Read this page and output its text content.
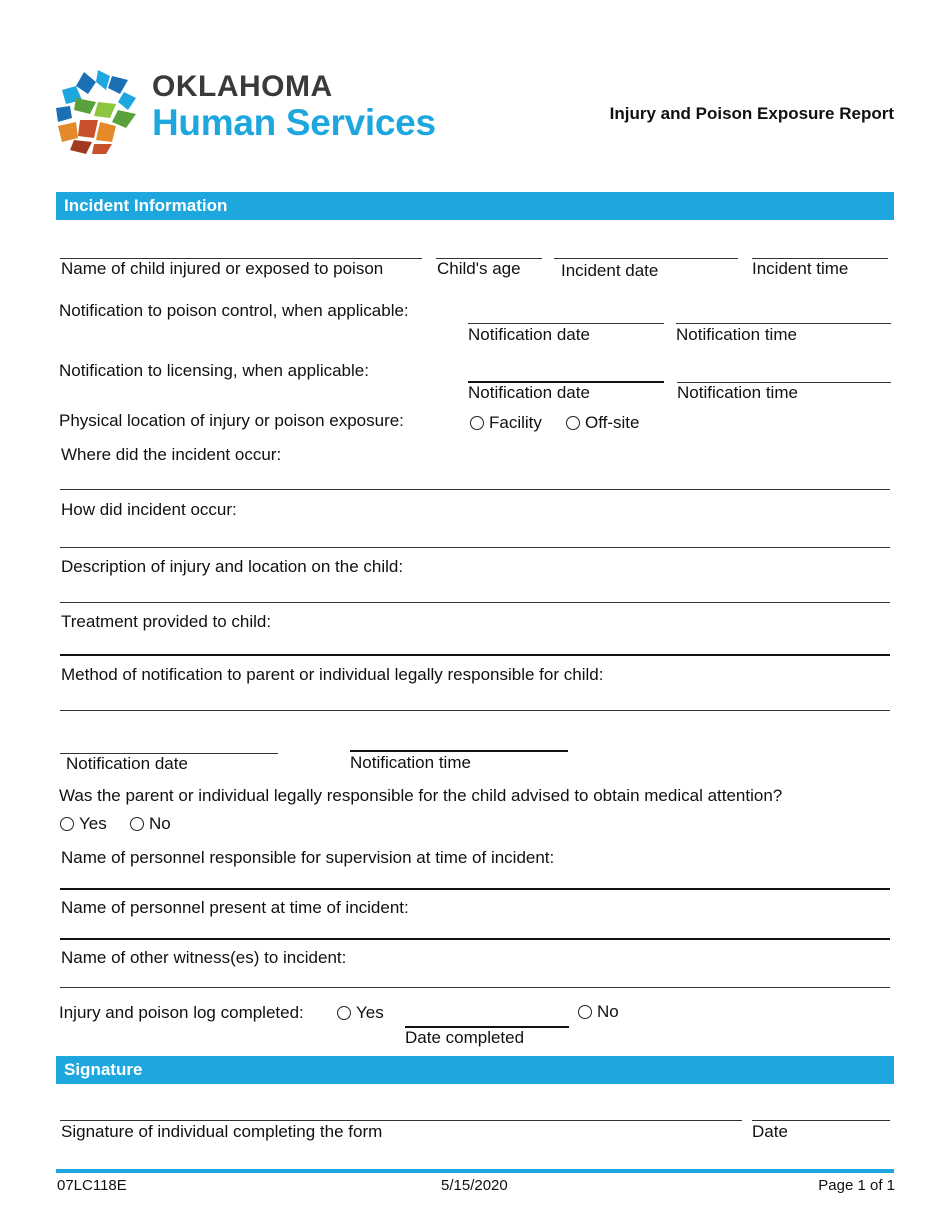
OKLAHOMA
Human Services	Injury and Poison Exposure Report
Incident Information
Name of child injured or exposed to poison	Child's age Incident date	Incident time
Notification to poison control, when applicable:
Notification date	Notification time
Notification to licensing, when applicable:
Notification date	Notification time
Physical location of injury or poison exposure:	Facility	Off-site
Where did the incident occur:
How did incident occur:
Description of injury and location on the child:
Treatment provided to child:
Method of notification to parent or individual legally responsible for child:
Notification date	Notification time
Was the parent or individual legally responsible for the child advised to obtain medical attention?
Yes	No
Name of personnel responsible for supervision at time of incident:
Name of personnel present at time of incident:
Name of other witness(es) to incident:
Injury and poison log completed:	Yes
Date completed
No
Signature
Signature of individual completing the form	Date
07LC118E	5/15/2020	Page 1 of 1
